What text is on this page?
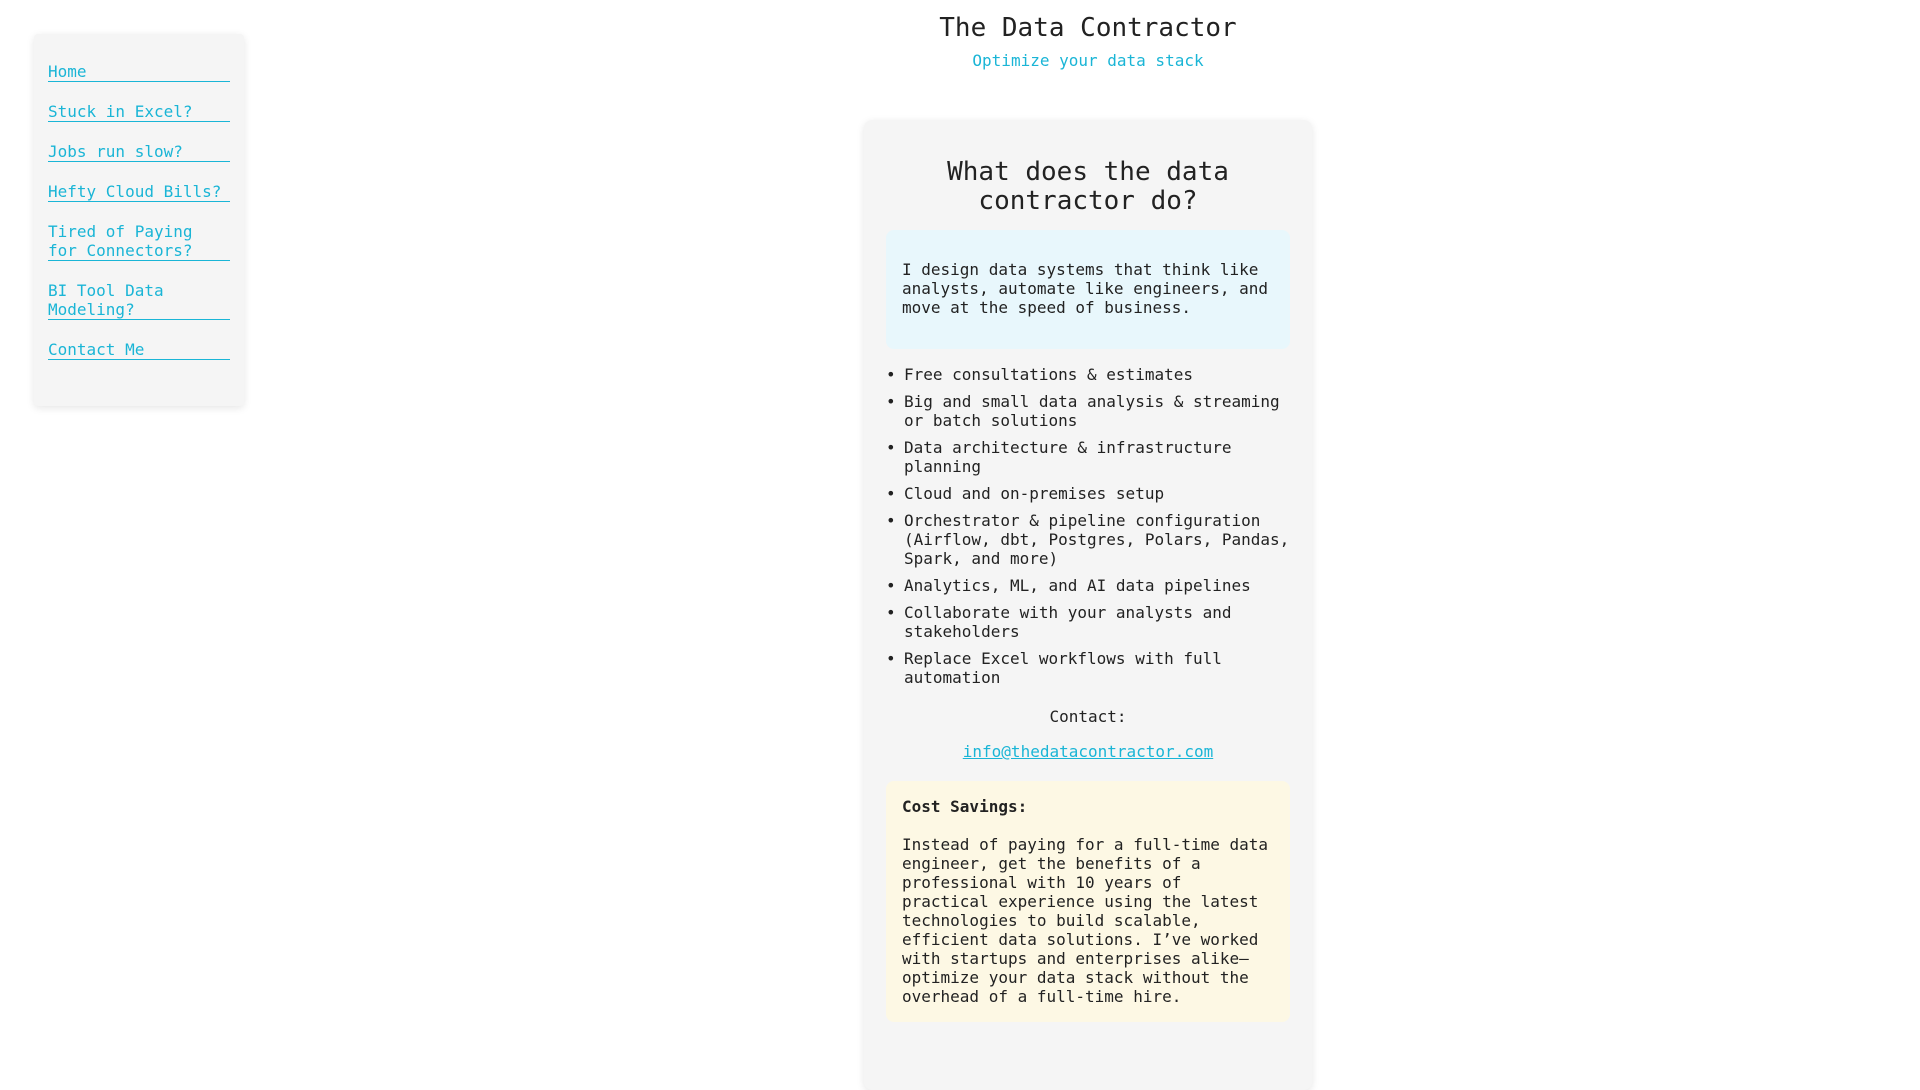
Home
Stuck in Excel?
Jobs run slow?
Hefty Cloud Bills?
Tired of Paying for Connectors?
BI Tool Data Modeling?
Contact Me
The Data Contractor

Optimize your data stack

What does the data contractor do?
I design data systems that think like analysts, automate like engineers, and move at the speed of business.
• Free consultations & estimates
• Big and small data analysis & streaming or batch solutions
• Data architecture & infrastructure planning
• Cloud and on-premises setup
• Orchestrator & pipeline configuration (Airflow, dbt, Postgres, Polars, Pandas, Spark, and more)
• Analytics, ML, and AI data pipelines
• Collaborate with your analysts and stakeholders
• Replace Excel workflows with full automation

Contact:

info@thedatacontractor.com

Cost Savings:

Instead of paying for a full-time data engineer, get the benefits of a professional with 10 years of practical experience using the latest technologies to build scalable, efficient data solutions. I’ve worked with startups and enterprises alike—optimize your data stack without the overhead of a full-time hire.
